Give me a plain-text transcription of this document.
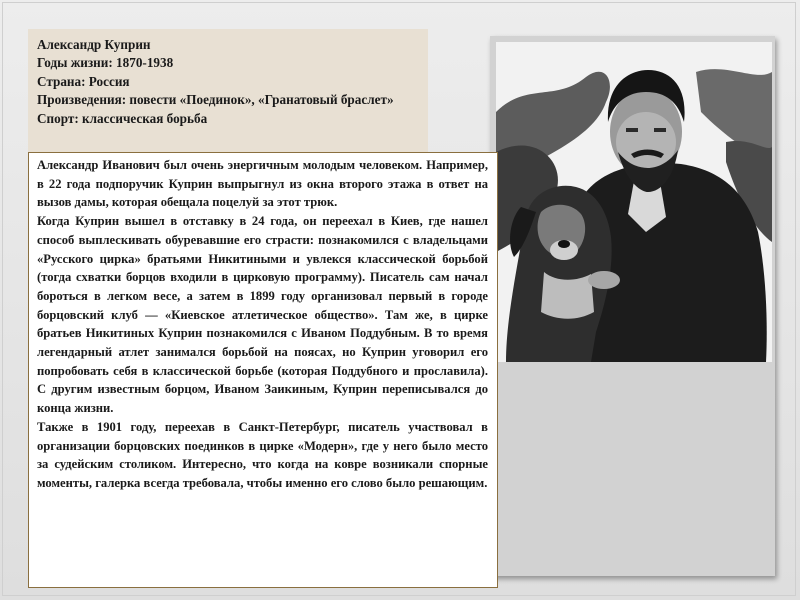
Александр Куприн

Годы жизни: 1870-1938

Страна: Россия

Произведения: повести «Поединок», «Гранатовый браслет»

Спорт: классическая борьба

Александр Иванович был очень энергичным молодым человеком. Например, в 22 года подпоручик Куприн выпрыгнул из окна второго этажа в ответ на вызов дамы, которая обещала поцелуй за этот трюк.

Когда Куприн вышел в отставку в 24 года, он переехал в Киев, где нашел способ выплескивать обуревавшие его страсти: познакомился с владельцами «Русского цирка» братьями Никитиными и увлекся классической борьбой (тогда схватки борцов входили в цирковую программу). Писатель сам начал бороться в легком весе, а затем в 1899 году организовал первый в городе борцовский клуб — «Киевское атлетическое общество». Там же, в цирке братьев Никитиных Куприн познакомился с Иваном Поддубным. В то время легендарный атлет занимался борьбой на поясах, но Куприн уговорил его попробовать себя в классической борьбе (которая Поддубного и прославила). С другим известным борцом, Иваном Заикиным, Куприн переписывался до конца жизни.

Также в 1901 году, переехав в Санкт-Петербург, писатель участвовал в организации борцовских поединков в цирке «Модерн», где у него было место за судейским столиком. Интересно, что когда на ковре возникали спорные моменты, галерка всегда требовала, чтобы именно его слово было решающим.
